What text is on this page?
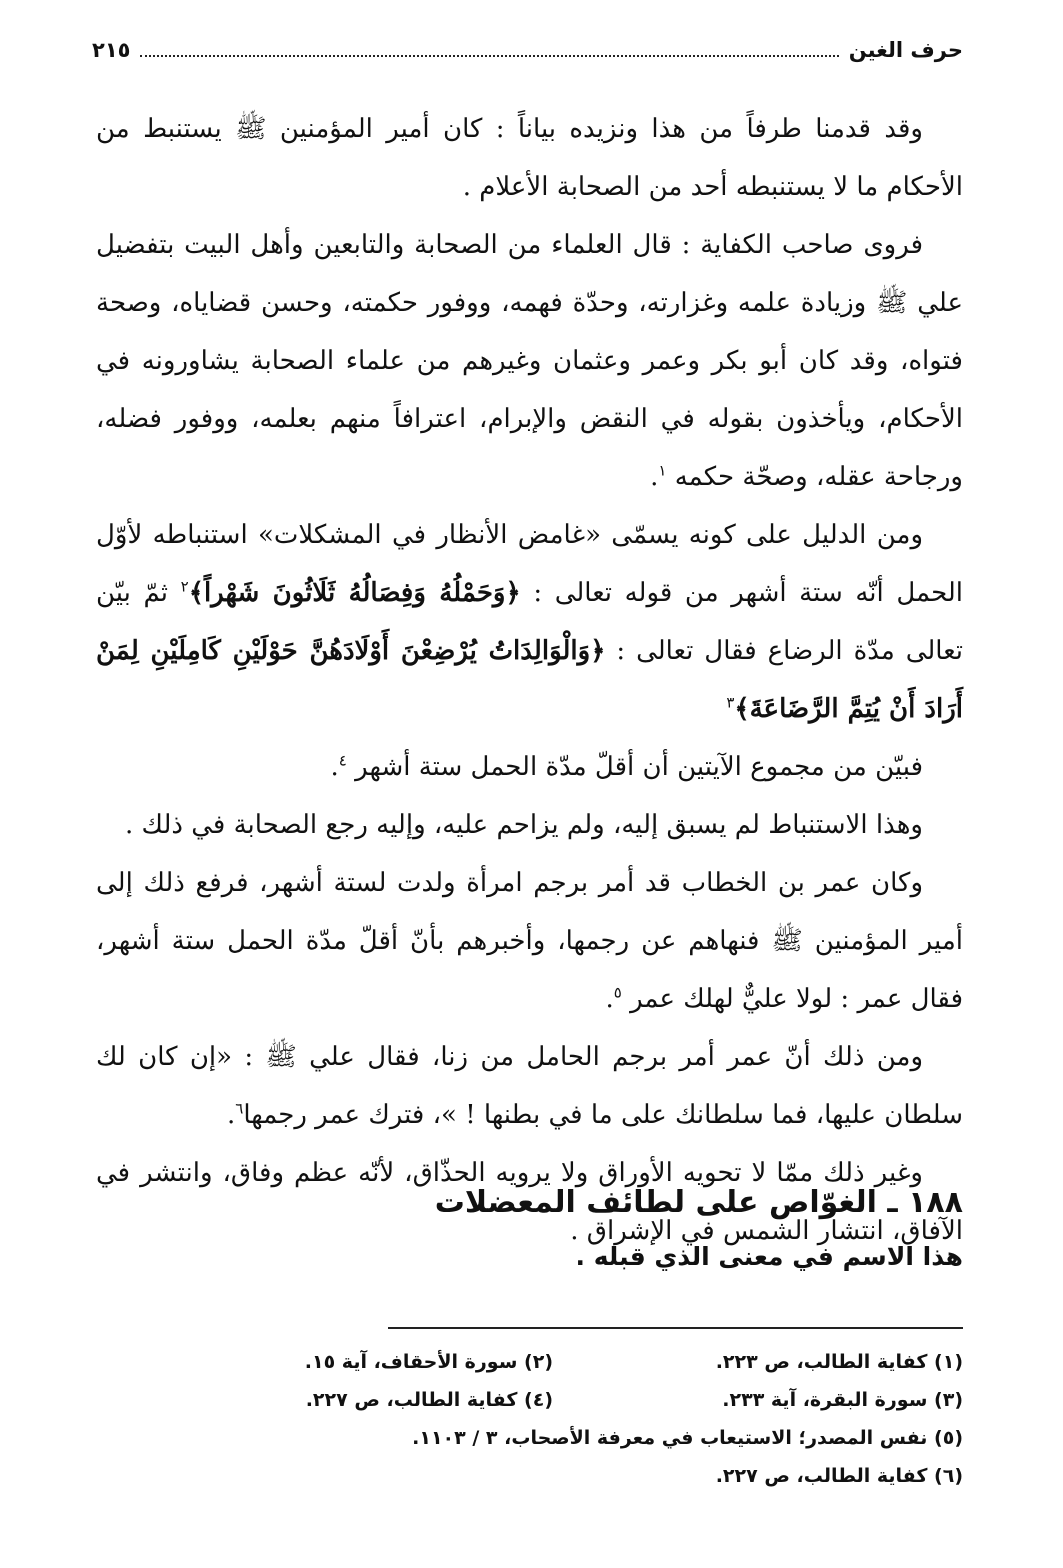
حرف الغين
٢١٥

وقد قدمنا طرفاً من هذا ونزيده بياناً : كان أمير المؤمنين ﷺ يستنبط من الأحكام ما لا يستنبطه أحد من الصحابة الأعلام .

فروى صاحب الكفاية : قال العلماء من الصحابة والتابعين وأهل البيت بتفضيل علي ﷺ وزيادة علمه وغزارته، وحدّة فهمه، ووفور حكمته، وحسن قضاياه، وصحة فتواه، وقد كان أبو بكر وعمر وعثمان وغيرهم من علماء الصحابة يشاورونه في الأحكام، ويأخذون بقوله في النقض والإبرام، اعترافاً منهم بعلمه، ووفور فضله، ورجاحة عقله، وصحّة حكمه $^١$.

ومن الدليل على كونه يسمّى «غامض الأنظار في المشكلات» استنباطه لأوّل الحمل أنّه ستة أشهر من قوله تعالى : ﴿وَحَمْلُهُ وَفِصَالُهُ ثَلَاثُونَ شَهْراً﴾$^٢$ ثمّ بيّن تعالى مدّة الرضاع فقال تعالى : ﴿وَالْوَالِدَاتُ يُرْضِعْنَ أَوْلَادَهُنَّ حَوْلَيْنِ كَامِلَيْنِ لِمَنْ أَرَادَ أَنْ يُتِمَّ الرَّضَاعَةَ﴾$^٣$

فبيّن من مجموع الآيتين أن أقلّ مدّة الحمل ستة أشهر $^٤$.

وهذا الاستنباط لم يسبق إليه، ولم يزاحم عليه، وإليه رجع الصحابة في ذلك .

وكان عمر بن الخطاب قد أمر برجم امرأة ولدت لستة أشهر، فرفع ذلك إلى أمير المؤمنين ﷺ فنهاهم عن رجمها، وأخبرهم بأنّ أقلّ مدّة الحمل ستة أشهر، فقال عمر : لولا عليٌّ لهلك عمر $^٥$.

ومن ذلك أنّ عمر أمر برجم الحامل من زنا، فقال علي ﷺ : «إن كان لك سلطان عليها، فما سلطانك على ما في بطنها ! »، فترك عمر رجمها$^٦$.

وغير ذلك ممّا لا تحويه الأوراق ولا يرويه الحذّاق، لأنّه عظم وفاق، وانتشر في الآفاق، انتشار الشمس في الإشراق .

١٨٨ ـ الغوّاص على لطائف المعضلات

هذا الاسم في معنى الذي قبله .

(١) كفاية الطالب، ص ٢٢٣.
(٢) سورة الأحقاف، آية ١٥.
(٣) سورة البقرة، آية ٢٣٣.
(٤) كفاية الطالب، ص ٢٢٧.
(٥) نفس المصدر؛ الاستيعاب في معرفة الأصحاب، ٣ / ١١٠٣.
(٦) كفاية الطالب، ص ٢٢٧.
